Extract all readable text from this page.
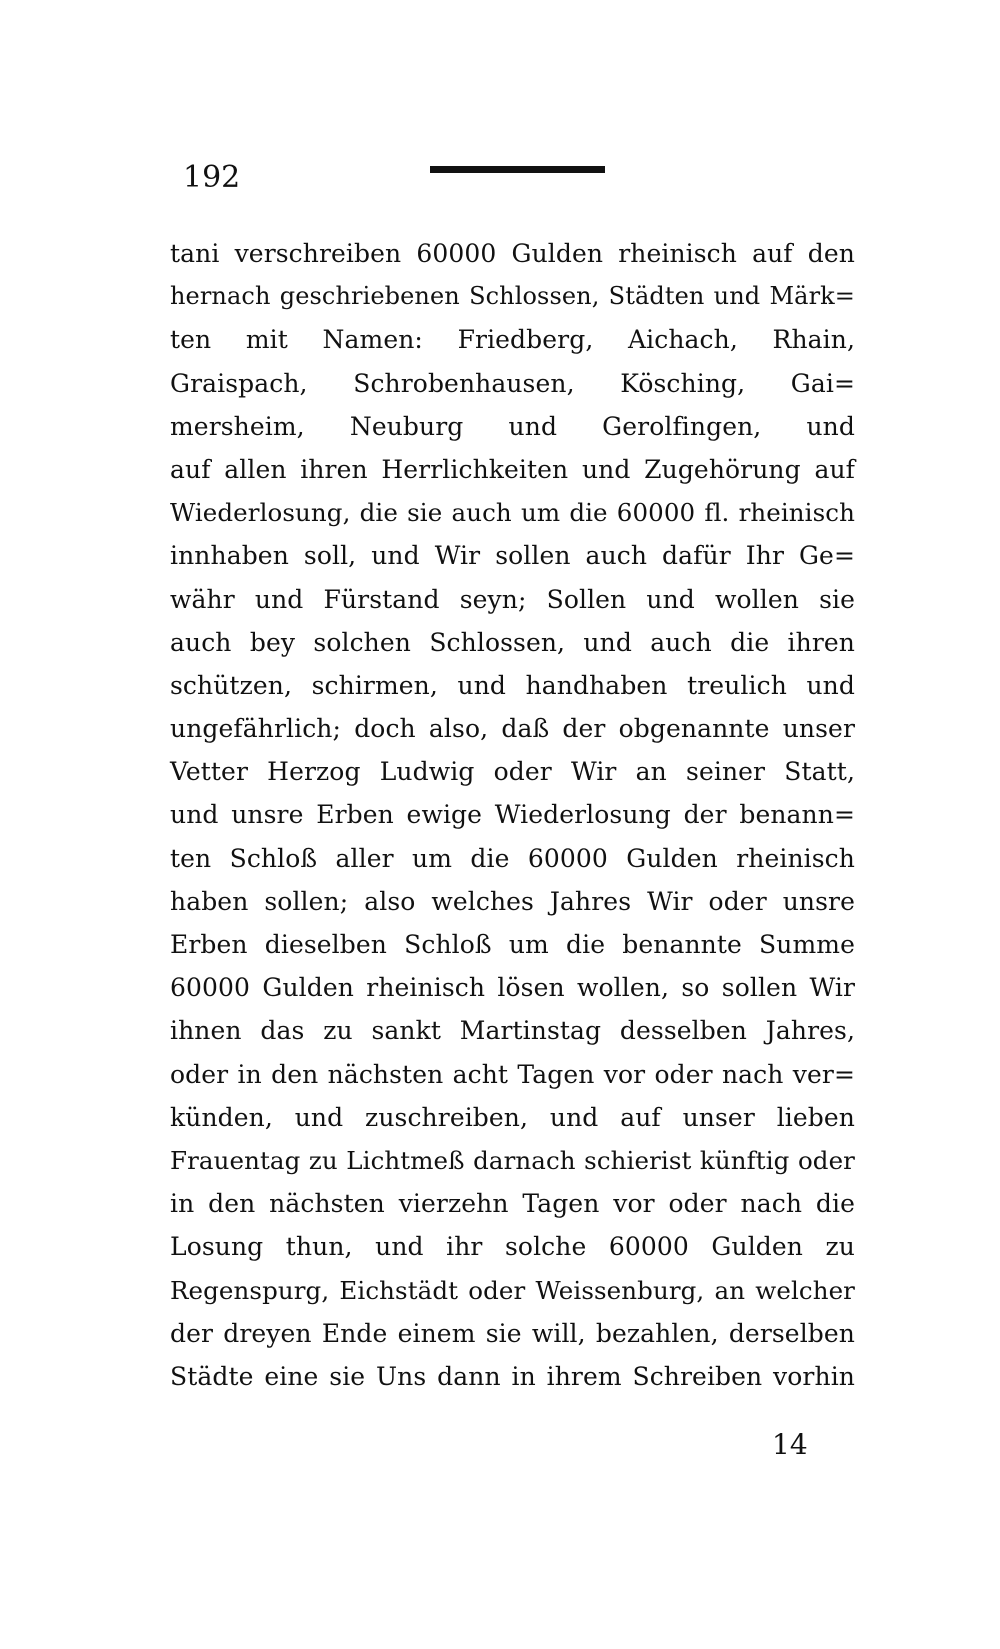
192
tani verschreiben 60000 Gulden rheinisch auf den
hernach geschriebenen Schlossen, Städten und Märk=
ten mit Namen: Friedberg, Aichach, Rhain,
Graispach, Schrobenhausen, Kösching, Gai=
mersheim, Neuburg und Gerolfingen, und
auf allen ihren Herrlichkeiten und Zugehörung auf
Wiederlosung, die sie auch um die 60000 fl. rheinisch
innhaben soll, und Wir sollen auch dafür Ihr Ge=
währ und Fürstand seyn; Sollen und wollen sie
auch bey solchen Schlossen, und auch die ihren
schützen, schirmen, und handhaben treulich und
ungefährlich; doch also, daß der obgenannte unser
Vetter Herzog Ludwig oder Wir an seiner Statt,
und unsre Erben ewige Wiederlosung der benann=
ten Schloß aller um die 60000 Gulden rheinisch
haben sollen; also welches Jahres Wir oder unsre
Erben dieselben Schloß um die benannte Summe
60000 Gulden rheinisch lösen wollen, so sollen Wir
ihnen das zu sankt Martinstag desselben Jahres,
oder in den nächsten acht Tagen vor oder nach ver=
künden, und zuschreiben, und auf unser lieben
Frauentag zu Lichtmeß darnach schierist künftig oder
in den nächsten vierzehn Tagen vor oder nach die
Losung thun, und ihr solche 60000 Gulden zu
Regenspurg, Eichstädt oder Weissenburg, an welcher
der dreyen Ende einem sie will, bezahlen, derselben
Städte eine sie Uns dann in ihrem Schreiben vorhin
14
